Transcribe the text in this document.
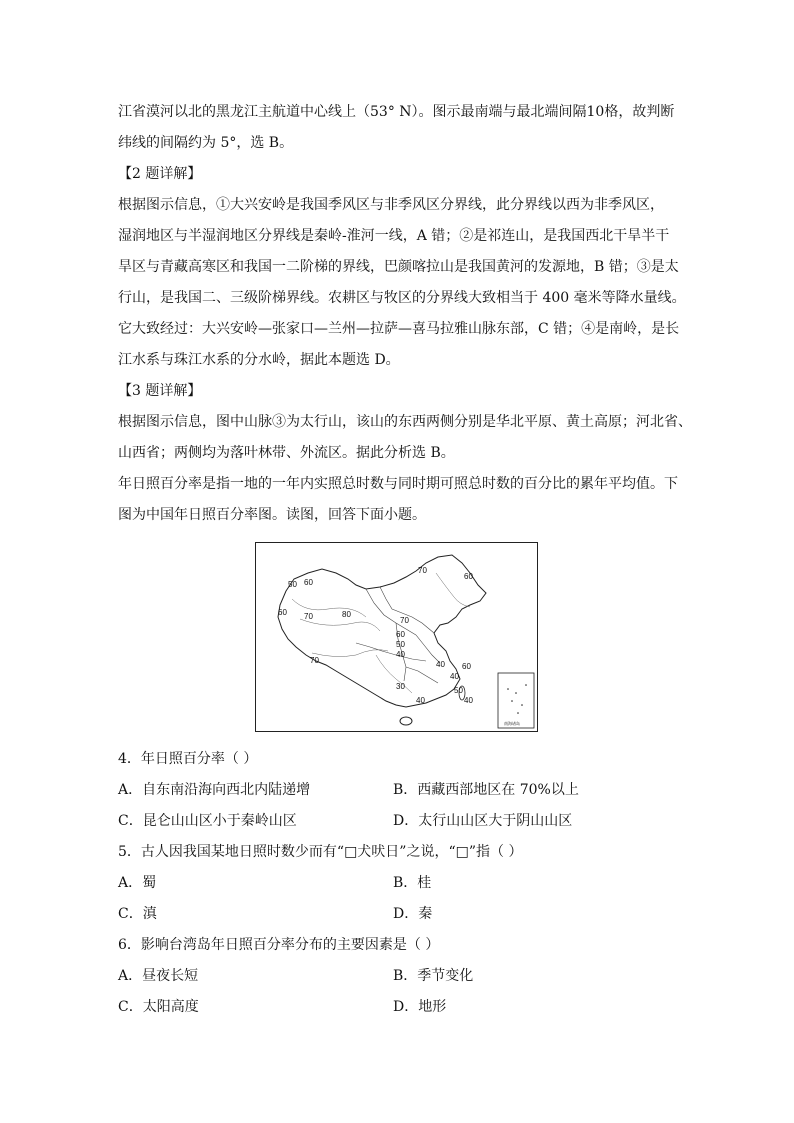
江省漠河以北的黑龙江主航道中心线上（53° N）。图示最南端与最北端间隔10格，故判断
纬线的间隔约为 5°，选 B。
【2 题详解】
根据图示信息，①大兴安岭是我国季风区与非季风区分界线，此分界线以西为非季风区，
湿润地区与半湿润地区分界线是秦岭-淮河一线，A 错；②是祁连山，是我国西北干旱半干
旱区与青藏高寒区和我国一二阶梯的界线，巴颜喀拉山是我国黄河的发源地，B 错；③是太
行山，是我国二、三级阶梯界线。农耕区与牧区的分界线大致相当于 400 毫米等降水量线。
它大致经过：大兴安岭—张家口—兰州—拉萨—喜马拉雅山脉东部，C 错；④是南岭，是长
江水系与珠江水系的分水岭，据此本题选 D。
【3 题详解】
根据图示信息，图中山脉③为太行山，该山的东西两侧分别是华北平原、黄土高原；河北省、
山西省；两侧均为落叶林带、外流区。据此分析选 B。
年日照百分率是指一地的一年内实照总时数与同时期可照总时数的百分比的累年平均值。下
图为中国年日照百分率图。读图，回答下面小题。
50 60
60 70	80
70
60
70
60
50
40
70
30
40
40
50
40
40 60
南海诸岛
4．年日照百分率（ ）
A．自东南沿海向西北内陆递增	B．西藏西部地区在 70%以上
C．昆仑山山区小于秦岭山区	D．太行山山区大于阴山山区
5．古人因我国某地日照时数少而有“□犬吠日”之说，“□”指（ ）
A．蜀	B．桂
C．滇	D．秦
6．影响台湾岛年日照百分率分布的主要因素是（ ）
A．昼夜长短	B．季节变化
C．太阳高度	D．地形
